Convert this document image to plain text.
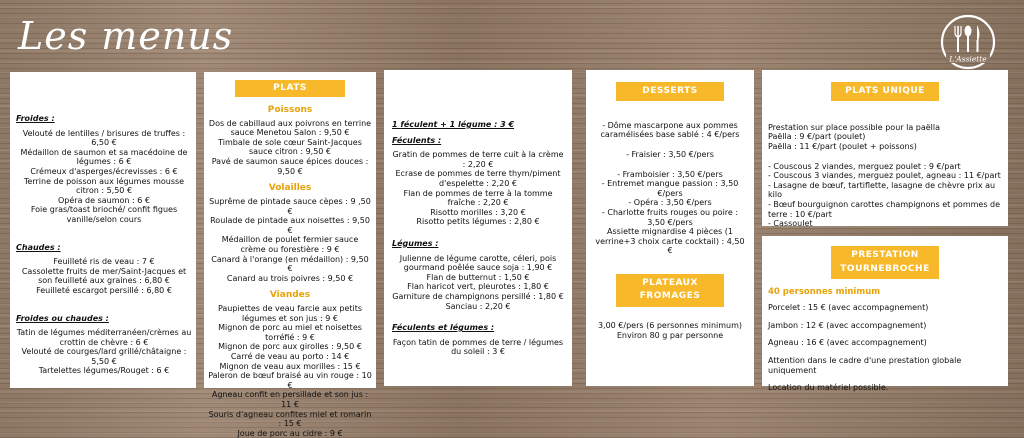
Les menus
L'Assiette
Froides :
Velouté de lentilles / brisures de truffes : 6,50 €
Médaillon de saumon et sa macédoine de légumes : 6 €
Crémeux d'asperges/écrevisses : 6 €
Terrine de poisson aux légumes mousse citron : 5,50 €
Opéra de saumon : 6 €
Foie gras/toast brioché/ confit figues vanille/selon cours
Chaudes :
Feuilleté ris de veau : 7 €
Cassolette fruits de mer/Saint-Jacques et son feuilleté aux graines : 6,80 €
Feuilleté escargot persillé : 6,80 €
Froides ou chaudes :
Tatin de légumes méditerranéen/crèmes au crottin de chèvre : 6 €
Velouté de courges/lard grillé/châtaigne : 5,50 €
Tartelettes légumes/Rouget : 6 €
PLATS
Poissons
Dos de cabillaud aux poivrons en terrine sauce Menetou Salon : 9,50 €
Timbale de sole cœur Saint-Jacques sauce citron : 9,50 €
Pavé de saumon sauce épices douces : 9,50 €
Volailles
Suprême de pintade sauce cèpes : 9 ,50 €
Roulade de pintade aux noisettes : 9,50 €
Médaillon de poulet fermier sauce crème ou forestière : 9 €
Canard à l'orange (en médaillon) : 9,50 €
Canard au trois poivres : 9,50 €
Viandes
Paupiettes de veau farcie aux petits légumes et son jus : 9 €
Mignon de porc au miel et noisettes torréfié : 9 €
Mignon de porc aux girolles : 9,50 €
Carré de veau au porto : 14 €
Mignon de veau aux morilles : 15 €
Paleron de bœuf braisé au vin rouge : 10 €
Agneau confit en persillade et son jus : 11 €
Souris d'agneau confites miel et romarin : 15 €
Joue de porc au cidre : 9 €
1 féculent + 1 légume : 3 €
Féculents :
Gratin de pommes de terre cuit à la crème : 2,20 €
Ecrase de pommes de terre thym/piment d'espelette : 2,20 €
Flan de pommes de terre à la tomme fraîche : 2,20 €
Risotto morilles : 3,20 €
Risotto petits légumes : 2,80 €
Légumes :
Julienne de légume carotte, céleri, pois gourmand poêlée sauce soja : 1,90 €
Flan de butternut : 1,50 €
Flan haricot vert, pleurotes : 1,80 €
Garniture de champignons persillé : 1,80 €
Sanciau : 2,20 €
Féculents et légumes :
Façon tatin de pommes de terre / légumes du soleil : 3 €
DESSERTS
- Dôme mascarpone aux pommes caramélisées base sablé : 4 €/pers
- Fraisier : 3,50 €/pers
- Framboisier : 3,50 €/pers
- Entremet mangue passion : 3,50 €/pers
- Opéra : 3,50 €/pers
- Charlotte fruits rouges ou poire : 3,50 €/pers
Assiette mignardise 4 pièces (1 verrine+3 choix carte cocktail) : 4,50 €
PLATEAUX
FROMAGES
3,00 €/pers (6 personnes minimum)
Environ 80 g par personne
PLATS UNIQUE
Prestation sur place possible pour la paëlla
Paëlla : 9 €/part (poulet)
Paëlla : 11 €/part (poulet + poissons)
- Couscous 2 viandes, merguez poulet : 9 €/part
- Couscous 3 viandes, merguez poulet, agneau : 11 €/part
- Lasagne de bœuf, tartiflette, lasagne de chèvre prix au kilo
- Bœuf bourguignon carottes champignons et pommes de terre : 10 €/part
- Cassoulet
PRESTATION
TOURNEBROCHE
40 personnes minimum
Porcelet : 15 € (avec accompagnement)
Jambon : 12 € (avec accompagnement)
Agneau : 16 € (avec accompagnement)
Attention dans le cadre d'une prestation globale uniquement
Location du matériel possible.
